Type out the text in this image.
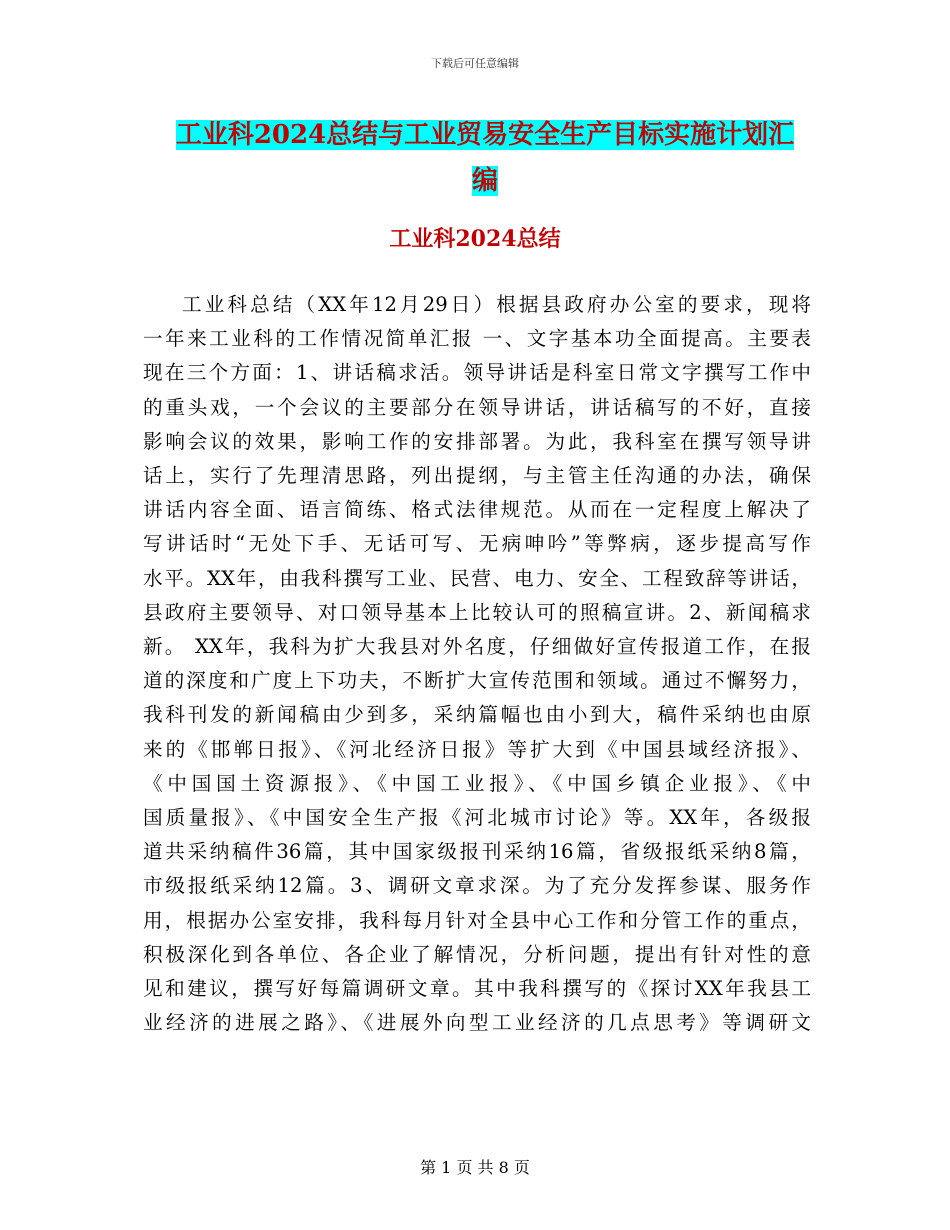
下载后可任意编辑
工业科2024总结与工业贸易安全生产目标实施计划汇
编
工业科2024总结
工业科总结（XX年12月29日）根据县政府办公室的要求，现将
一年来工业科的工作情况简单汇报 一、文字基本功全面提高。主要表
现在三个方面：1、讲话稿求活。领导讲话是科室日常文字撰写工作中
的重头戏，一个会议的主要部分在领导讲话，讲话稿写的不好，直接
影响会议的效果，影响工作的安排部署。为此，我科室在撰写领导讲
话上，实行了先理清思路，列出提纲，与主管主任沟通的办法，确保
讲话内容全面、语言简练、格式法律规范。从而在一定程度上解决了
写讲话时“无处下手、无话可写、无病呻吟”等弊病，逐步提高写作
水平。XX年，由我科撰写工业、民营、电力、安全、工程致辞等讲话，
县政府主要领导、对口领导基本上比较认可的照稿宣讲。2、新闻稿求
新。 XX年，我科为扩大我县对外名度，仔细做好宣传报道工作，在报
道的深度和广度上下功夫，不断扩大宣传范围和领域。通过不懈努力，
我科刊发的新闻稿由少到多，采纳篇幅也由小到大，稿件采纳也由原
来的《邯郸日报》、《河北经济日报》等扩大到《中国县域经济报》、
《中国国土资源报》、《中国工业报》、《中国乡镇企业报》、《中
国质量报》、《中国安全生产报《河北城市讨论》等。XX年，各级报
道共采纳稿件36篇，其中国家级报刊采纳16篇，省级报纸采纳8篇，
市级报纸采纳12篇。3、调研文章求深。为了充分发挥参谋、服务作
用，根据办公室安排，我科每月针对全县中心工作和分管工作的重点，
积极深化到各单位、各企业了解情况，分析问题，提出有针对性的意
见和建议，撰写好每篇调研文章。其中我科撰写的《探讨XX年我县工
业经济的进展之路》、《进展外向型工业经济的几点思考》等调研文
第 1 页 共 8 页
